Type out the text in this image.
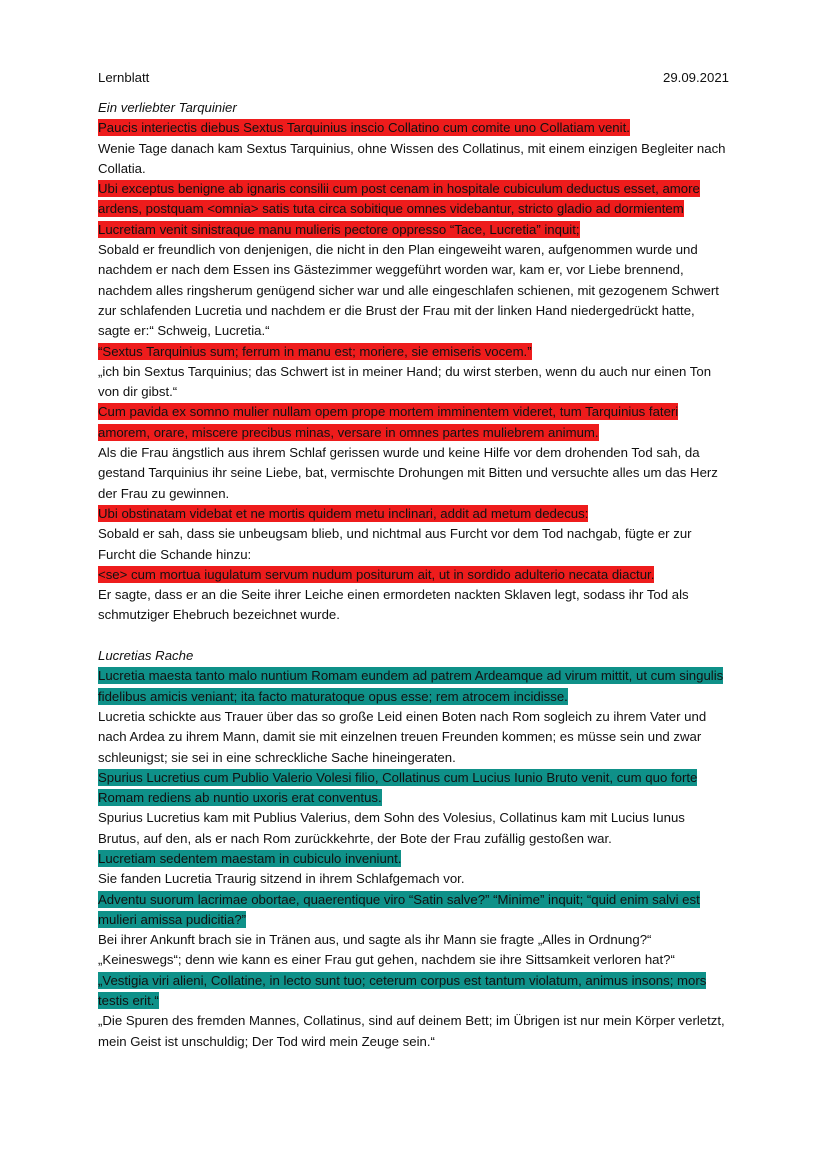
Lernblatt	29.09.2021

Ein verliebter Tarquinier

Paucis interiectis diebus Sextus Tarquinius inscio Collatino cum comite uno Collatiam venit.

Wenie Tage danach kam Sextus Tarquinius, ohne Wissen des Collatinus, mit einem einzigen Begleiter nach Collatia.

Ubi exceptus benigne ab ignaris consilii cum post cenam in hospitale cubiculum deductus esset, amore ardens, postquam <omnia> satis tuta circa sobitique omnes videbantur, stricto gladio ad dormientem Lucretiam venit sinistraque manu mulieris pectore oppresso “Tace, Lucretia” inquit;

Sobald er freundlich von denjenigen, die nicht in den Plan eingeweiht waren, aufgenommen wurde und nachdem er nach dem Essen ins Gästezimmer weggeführt worden war, kam er, vor Liebe brennend, nachdem alles ringsherum genügend sicher war und alle eingeschlafen schienen, mit gezogenem Schwert zur schlafenden Lucretia und nachdem er die Brust der Frau mit der linken Hand niedergedrückt hatte, sagte er:“ Schweig, Lucretia.“

“Sextus Tarquinius sum; ferrum in manu est; moriere, sie emiseris vocem.”

„ich bin Sextus Tarquinius; das Schwert ist in meiner Hand; du wirst sterben, wenn du auch nur einen Ton von dir gibst.“

Cum pavida ex somno mulier nullam opem prope mortem imminentem videret, tum Tarquinius fateri amorem, orare, miscere precibus minas, versare in omnes partes muliebrem animum.

Als die Frau ängstlich aus ihrem Schlaf gerissen wurde und keine Hilfe vor dem drohenden Tod sah, da gestand Tarquinius ihr seine Liebe, bat, vermischte Drohungen mit Bitten und versuchte alles um das Herz der Frau zu gewinnen.

Ubi obstinatam videbat et ne mortis quidem metu inclinari, addit ad metum dedecus:

Sobald er sah, dass sie unbeugsam blieb, und nichtmal aus Furcht vor dem Tod nachgab, fügte er zur Furcht die Schande hinzu:

<se> cum mortua iugulatum servum nudum positurum ait, ut in sordido adulterio necata diactur.

Er sagte, dass er an die Seite ihrer Leiche einen ermordeten nackten Sklaven legt, sodass ihr Tod als schmutziger Ehebruch bezeichnet wurde.

Lucretias Rache

Lucretia maesta tanto malo nuntium Romam eundem ad patrem Ardeamque ad virum mittit, ut cum singulis fidelibus amicis veniant; ita facto maturatoque opus esse; rem atrocem incidisse.

Lucretia schickte aus Trauer über das so große Leid einen Boten nach Rom sogleich zu ihrem Vater und nach Ardea zu ihrem Mann, damit sie mit einzelnen treuen Freunden kommen; es müsse sein und zwar schleunigst; sie sei in eine schreckliche Sache hineingeraten.

Spurius Lucretius cum Publio Valerio Volesi filio, Collatinus cum Lucius Iunio Bruto venit, cum quo forte Romam rediens ab nuntio uxoris erat conventus.

Spurius Lucretius kam mit Publius Valerius, dem Sohn des Volesius, Collatinus kam mit Lucius Iunus Brutus, auf den, als er nach Rom zurückkehrte, der Bote der Frau zufällig gestoßen war.

Lucretiam sedentem maestam in cubiculo inveniunt.

Sie fanden Lucretia Traurig sitzend in ihrem Schlafgemach vor.

Adventu suorum lacrimae obortae, quaerentique viro “Satin salve?” “Minime” inquit; “quid enim salvi est mulieri amissa pudicitia?”

Bei ihrer Ankunft brach sie in Tränen aus, und sagte als ihr Mann sie fragte „Alles in Ordnung?“ „Keineswegs“; denn wie kann es einer Frau gut gehen, nachdem sie ihre Sittsamkeit verloren hat?“

„Vestigia viri alieni, Collatine, in lecto sunt tuo; ceterum corpus est tantum violatum, animus insons; mors testis erit.“

„Die Spuren des fremden Mannes, Collatinus, sind auf deinem Bett; im Übrigen ist nur mein Körper verletzt, mein Geist ist unschuldig; Der Tod wird mein Zeuge sein.“
